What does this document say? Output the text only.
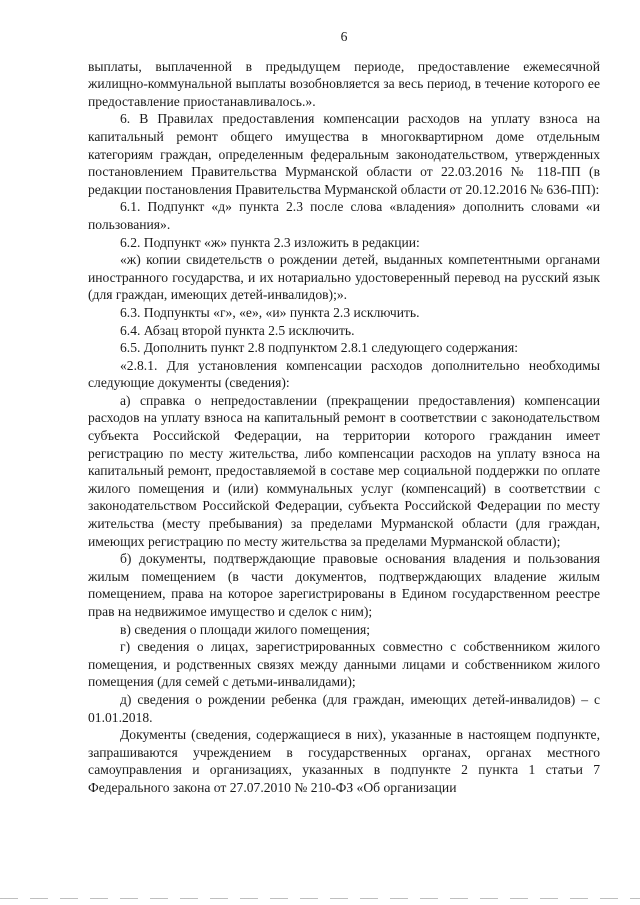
6

выплаты, выплаченной в предыдущем периоде, предоставление ежемесячной жилищно-коммунальной выплаты возобновляется за весь период, в течение которого ее предоставление приостанавливалось.».

6. В Правилах предоставления компенсации расходов на уплату взноса на капитальный ремонт общего имущества в многоквартирном доме отдельным категориям граждан, определенным федеральным законодательством, утвержденных постановлением Правительства Мурманской области от 22.03.2016 № 118-ПП (в редакции постановления Правительства Мурманской области от 20.12.2016 № 636-ПП):

6.1. Подпункт «д» пункта 2.3 после слова «владения» дополнить словами «и пользования».

6.2. Подпункт «ж» пункта 2.3 изложить в редакции:

«ж) копии свидетельств о рождении детей, выданных компетентными органами иностранного государства, и их нотариально удостоверенный перевод на русский язык (для граждан, имеющих детей-инвалидов);».

6.3. Подпункты «г», «е», «и» пункта 2.3 исключить.

6.4. Абзац второй пункта 2.5 исключить.

6.5. Дополнить пункт 2.8 подпунктом 2.8.1 следующего содержания:

«2.8.1. Для установления компенсации расходов дополнительно необходимы следующие документы (сведения):

а) справка о непредоставлении (прекращении предоставления) компенсации расходов на уплату взноса на капитальный ремонт в соответствии с законодательством субъекта Российской Федерации, на территории которого гражданин имеет регистрацию по месту жительства, либо компенсации расходов на уплату взноса на капитальный ремонт, предоставляемой в составе мер социальной поддержки по оплате жилого помещения и (или) коммунальных услуг (компенсаций) в соответствии с законодательством Российской Федерации, субъекта Российской Федерации по месту жительства (месту пребывания) за пределами Мурманской области (для граждан, имеющих регистрацию по месту жительства за пределами Мурманской области);

б) документы, подтверждающие правовые основания владения и пользования жилым помещением (в части документов, подтверждающих владение жилым помещением, права на которое зарегистрированы в Едином государственном реестре прав на недвижимое имущество и сделок с ним);

в) сведения о площади жилого помещения;

г) сведения о лицах, зарегистрированных совместно с собственником жилого помещения, и родственных связях между данными лицами и собственником жилого помещения (для семей с детьми-инвалидами);

д) сведения о рождении ребенка (для граждан, имеющих детей-инвалидов) – с 01.01.2018.

Документы (сведения, содержащиеся в них), указанные в настоящем подпункте, запрашиваются учреждением в государственных органах, органах местного самоуправления и организациях, указанных в подпункте 2 пункта 1 статьи 7 Федерального закона от 27.07.2010 № 210-ФЗ «Об организации
